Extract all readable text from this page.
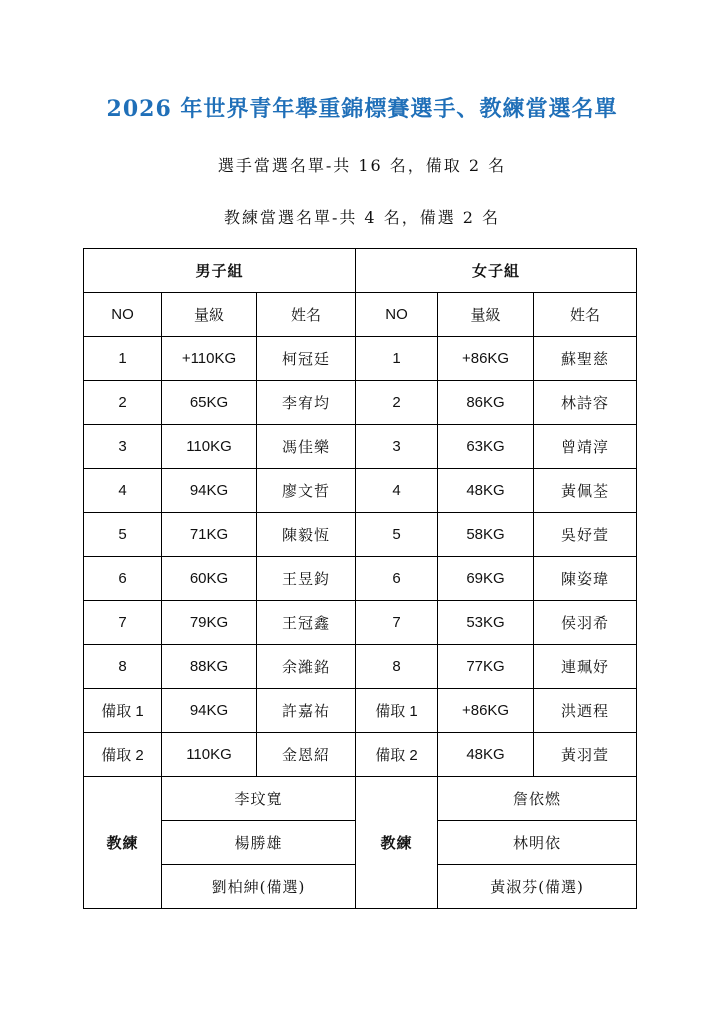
2026 年世界青年舉重錦標賽選手、教練當選名單
選手當選名單-共 16 名，備取 2 名
教練當選名單-共 4 名，備選 2 名
男子組			女子組		
NO	量級	姓名	NO	量級	姓名
1	+110KG	柯冠廷	1	+86KG	蘇聖慈
2	65KG	李宥均	2	86KG	林詩容
3	110KG	馮佳樂	3	63KG	曾靖淳
4	94KG	廖文哲	4	48KG	黃佩荃
5	71KG	陳毅恆	5	58KG	吳妤萱
6	60KG	王昱鈞	6	69KG	陳姿瑋
7	79KG	王冠鑫	7	53KG	侯羽希
8	88KG	余濰銘	8	77KG	連珮妤
備取 1	94KG	許嘉祐	備取 1	+86KG	洪迺程
備取 2	110KG	金恩紹	備取 2	48KG	黃羽萱
教練	李玟寬		教練	詹依燃	
	楊勝雄			林明依	
	劉柏紳(備選)			黃淑芬(備選)	
